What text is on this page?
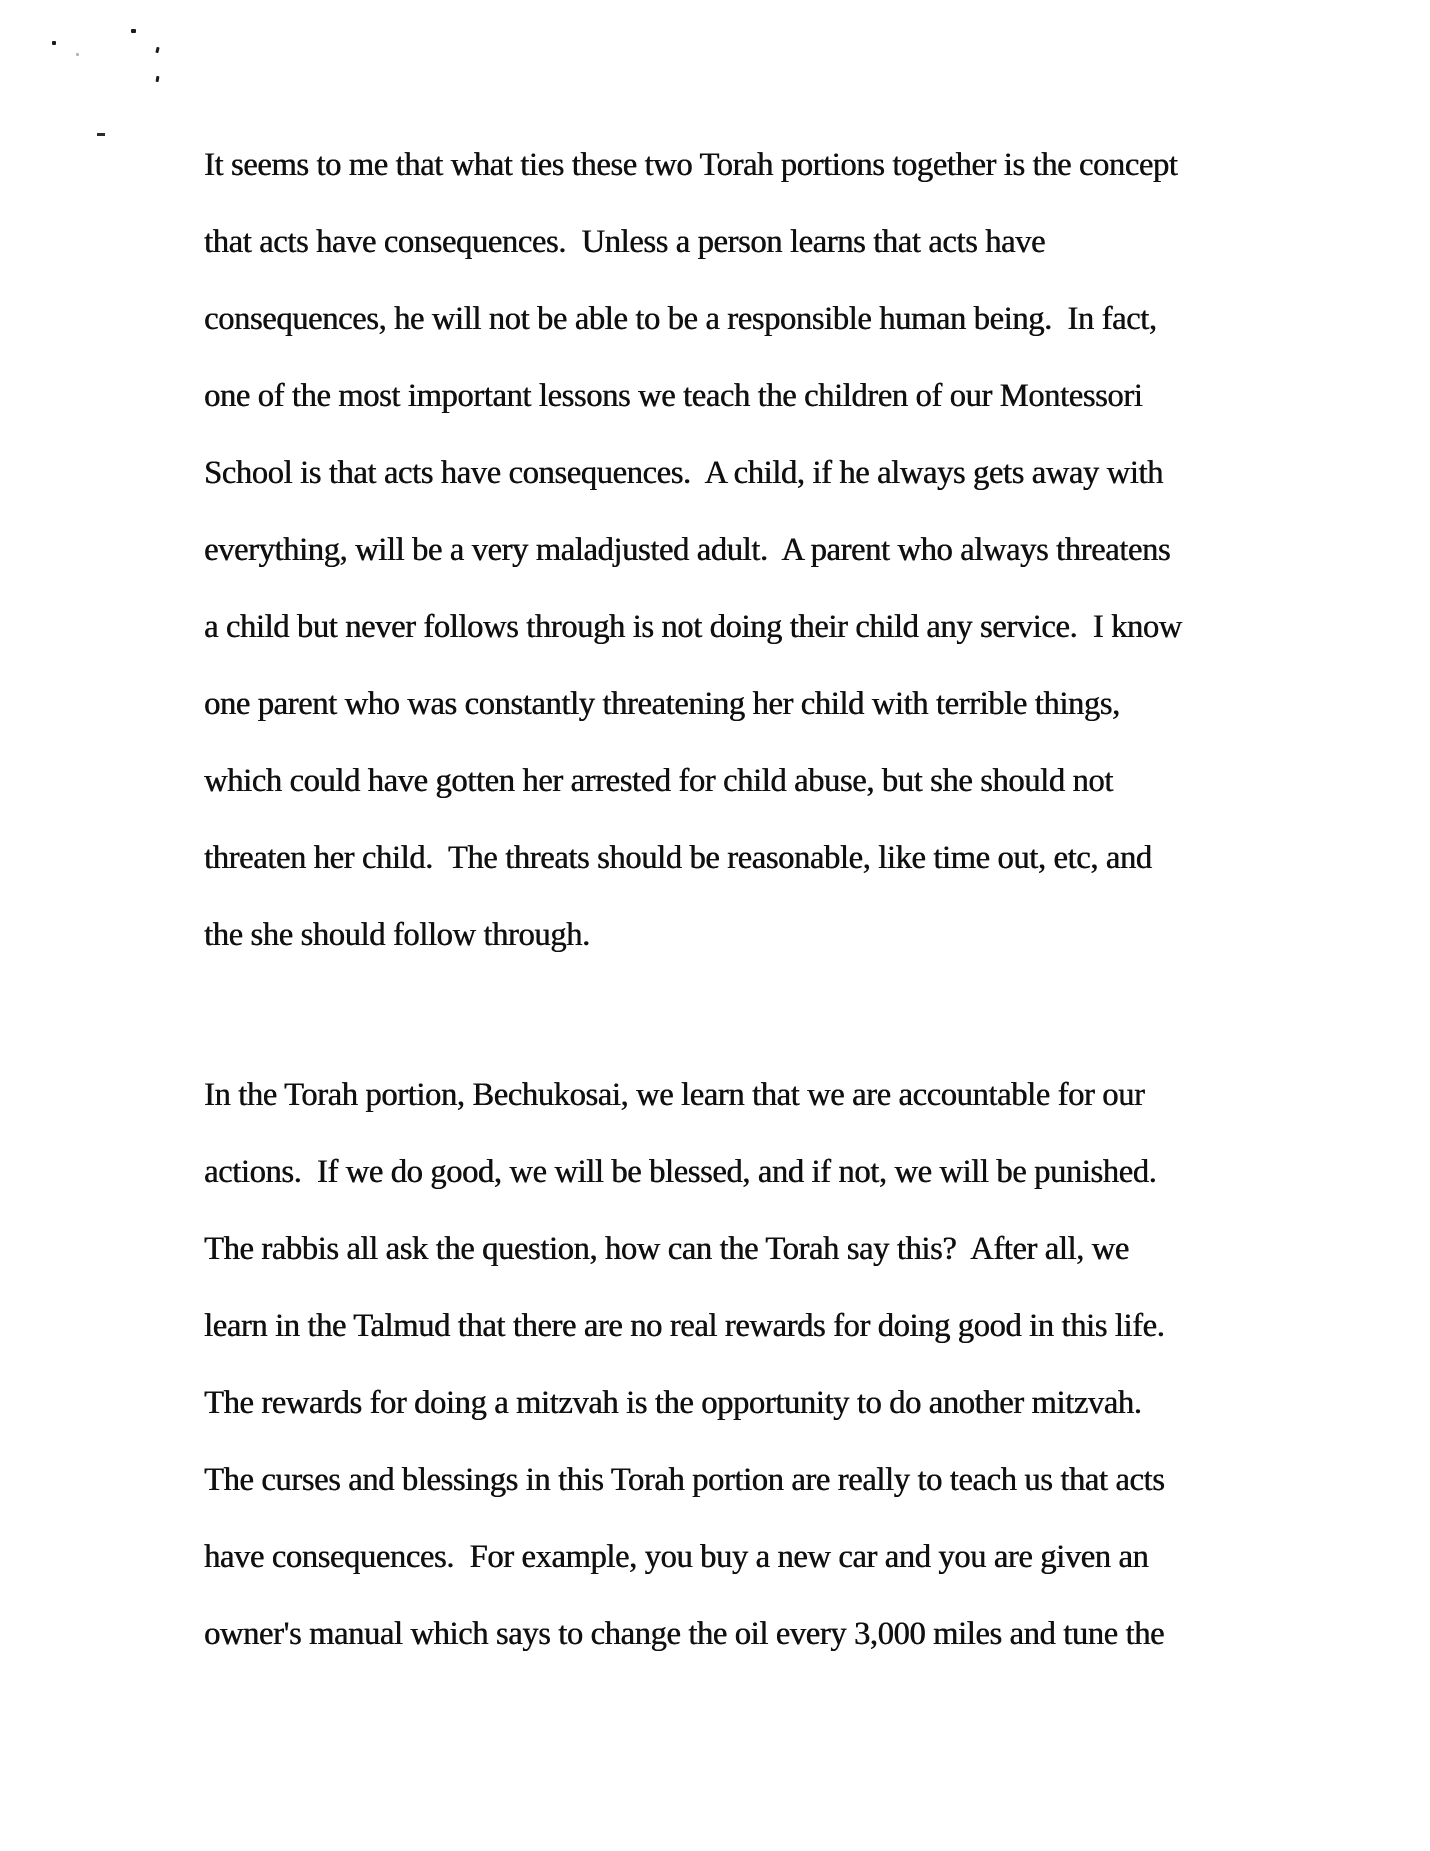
It seems to me that what ties these two Torah portions together is the concept
that acts have consequences.  Unless a person learns that acts have
consequences, he will not be able to be a responsible human being.  In fact,
one of the most important lessons we teach the children of our Montessori
School is that acts have consequences.  A child, if he always gets away with
everything, will be a very maladjusted adult.  A parent who always threatens
a child but never follows through is not doing their child any service.  I know
one parent who was constantly threatening her child with terrible things,
which could have gotten her arrested for child abuse, but she should not
threaten her child.  The threats should be reasonable, like time out, etc, and
the she should follow through.
In the Torah portion, Bechukosai, we learn that we are accountable for our
actions.  If we do good, we will be blessed, and if not, we will be punished.
The rabbis all ask the question, how can the Torah say this?  After all, we
learn in the Talmud that there are no real rewards for doing good in this life.
The rewards for doing a mitzvah is the opportunity to do another mitzvah.
The curses and blessings in this Torah portion are really to teach us that acts
have consequences.  For example, you buy a new car and you are given an
owner's manual which says to change the oil every 3,000 miles and tune the
